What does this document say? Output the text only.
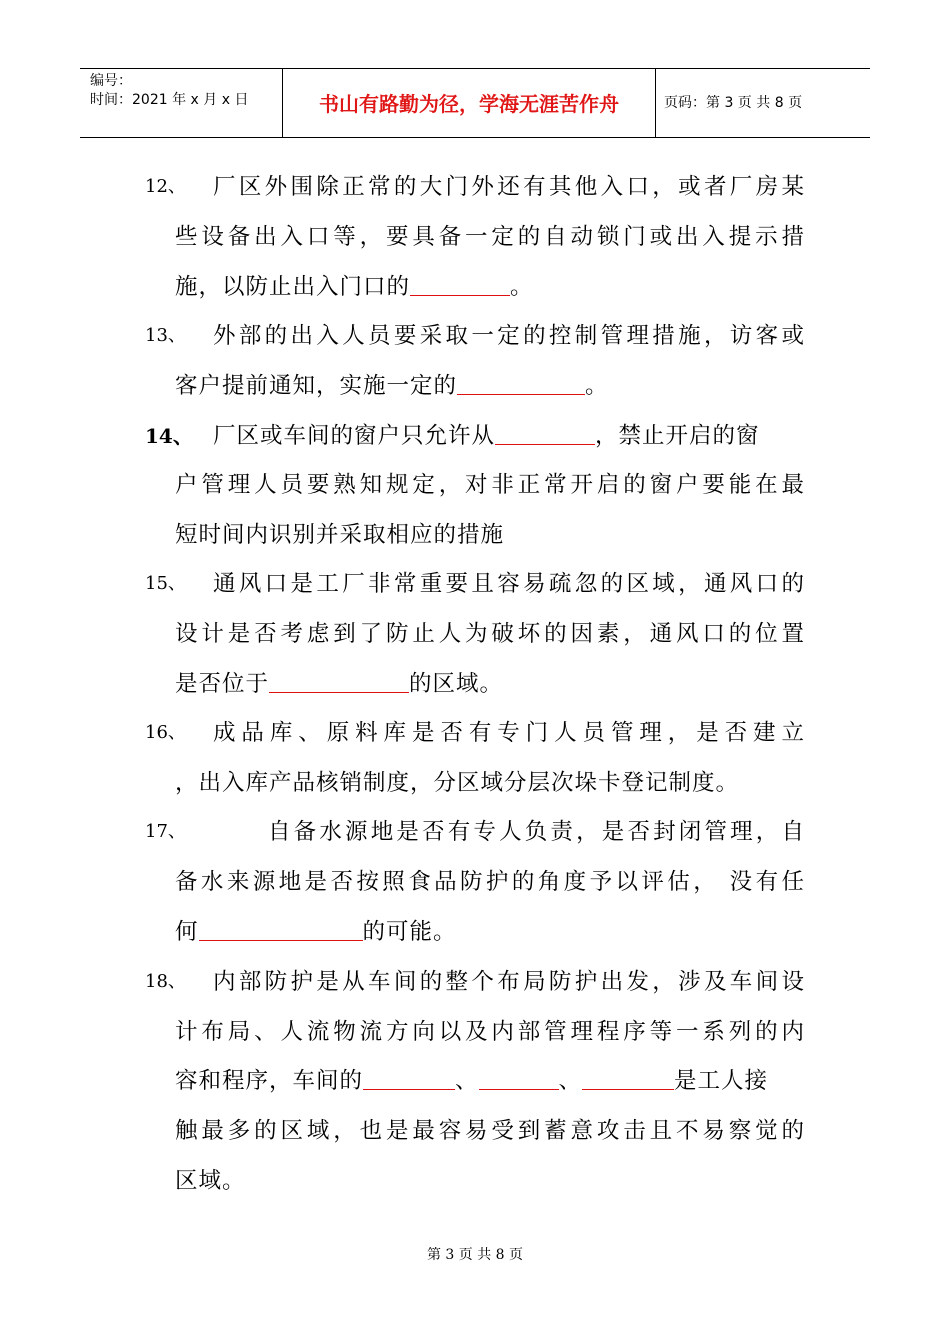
编号：
时间：2021 年 x 月 x 日	书山有路勤为径，学海无涯苦作舟	页码：第 3 页 共 8 页
12、 厂区外围除正常的大门外还有其他入口，或者厂房某
些设备出入口等，要具备一定的自动锁门或出入提示措
施，以防止出入门口的	。
13、 外部的出入人员要采取一定的控制管理措施，访客或
客户提前通知，实施一定的	。
14、 厂区或车间的窗户只允许从	，禁止开启的窗
户管理人员要熟知规定，对非正常开启的窗户要能在最
短时间内识别并采取相应的措施
15、 通风口是工厂非常重要且容易疏忽的区域，通风口的
设计是否考虑到了防止人为破坏的因素，通风口的位置
是否位于	的区域。
16、 成品库、原料库是否有专门人员管理，是否建立
，出入库产品核销制度，分区域分层次垛卡登记制度。
17、	自备水源地是否有专人负责，是否封闭管理，自
备水来源地是否按照食品防护的角度予以评估， 没有任
何	的可能。
18、 内部防护是从车间的整个布局防护出发，涉及车间设
计布局、人流物流方向以及内部管理程序等一系列的内
容和程序，车间的	、	、	是工人接
触最多的区域，也是最容易受到蓄意攻击且不易察觉的
区域。
第 3 页 共 8 页
